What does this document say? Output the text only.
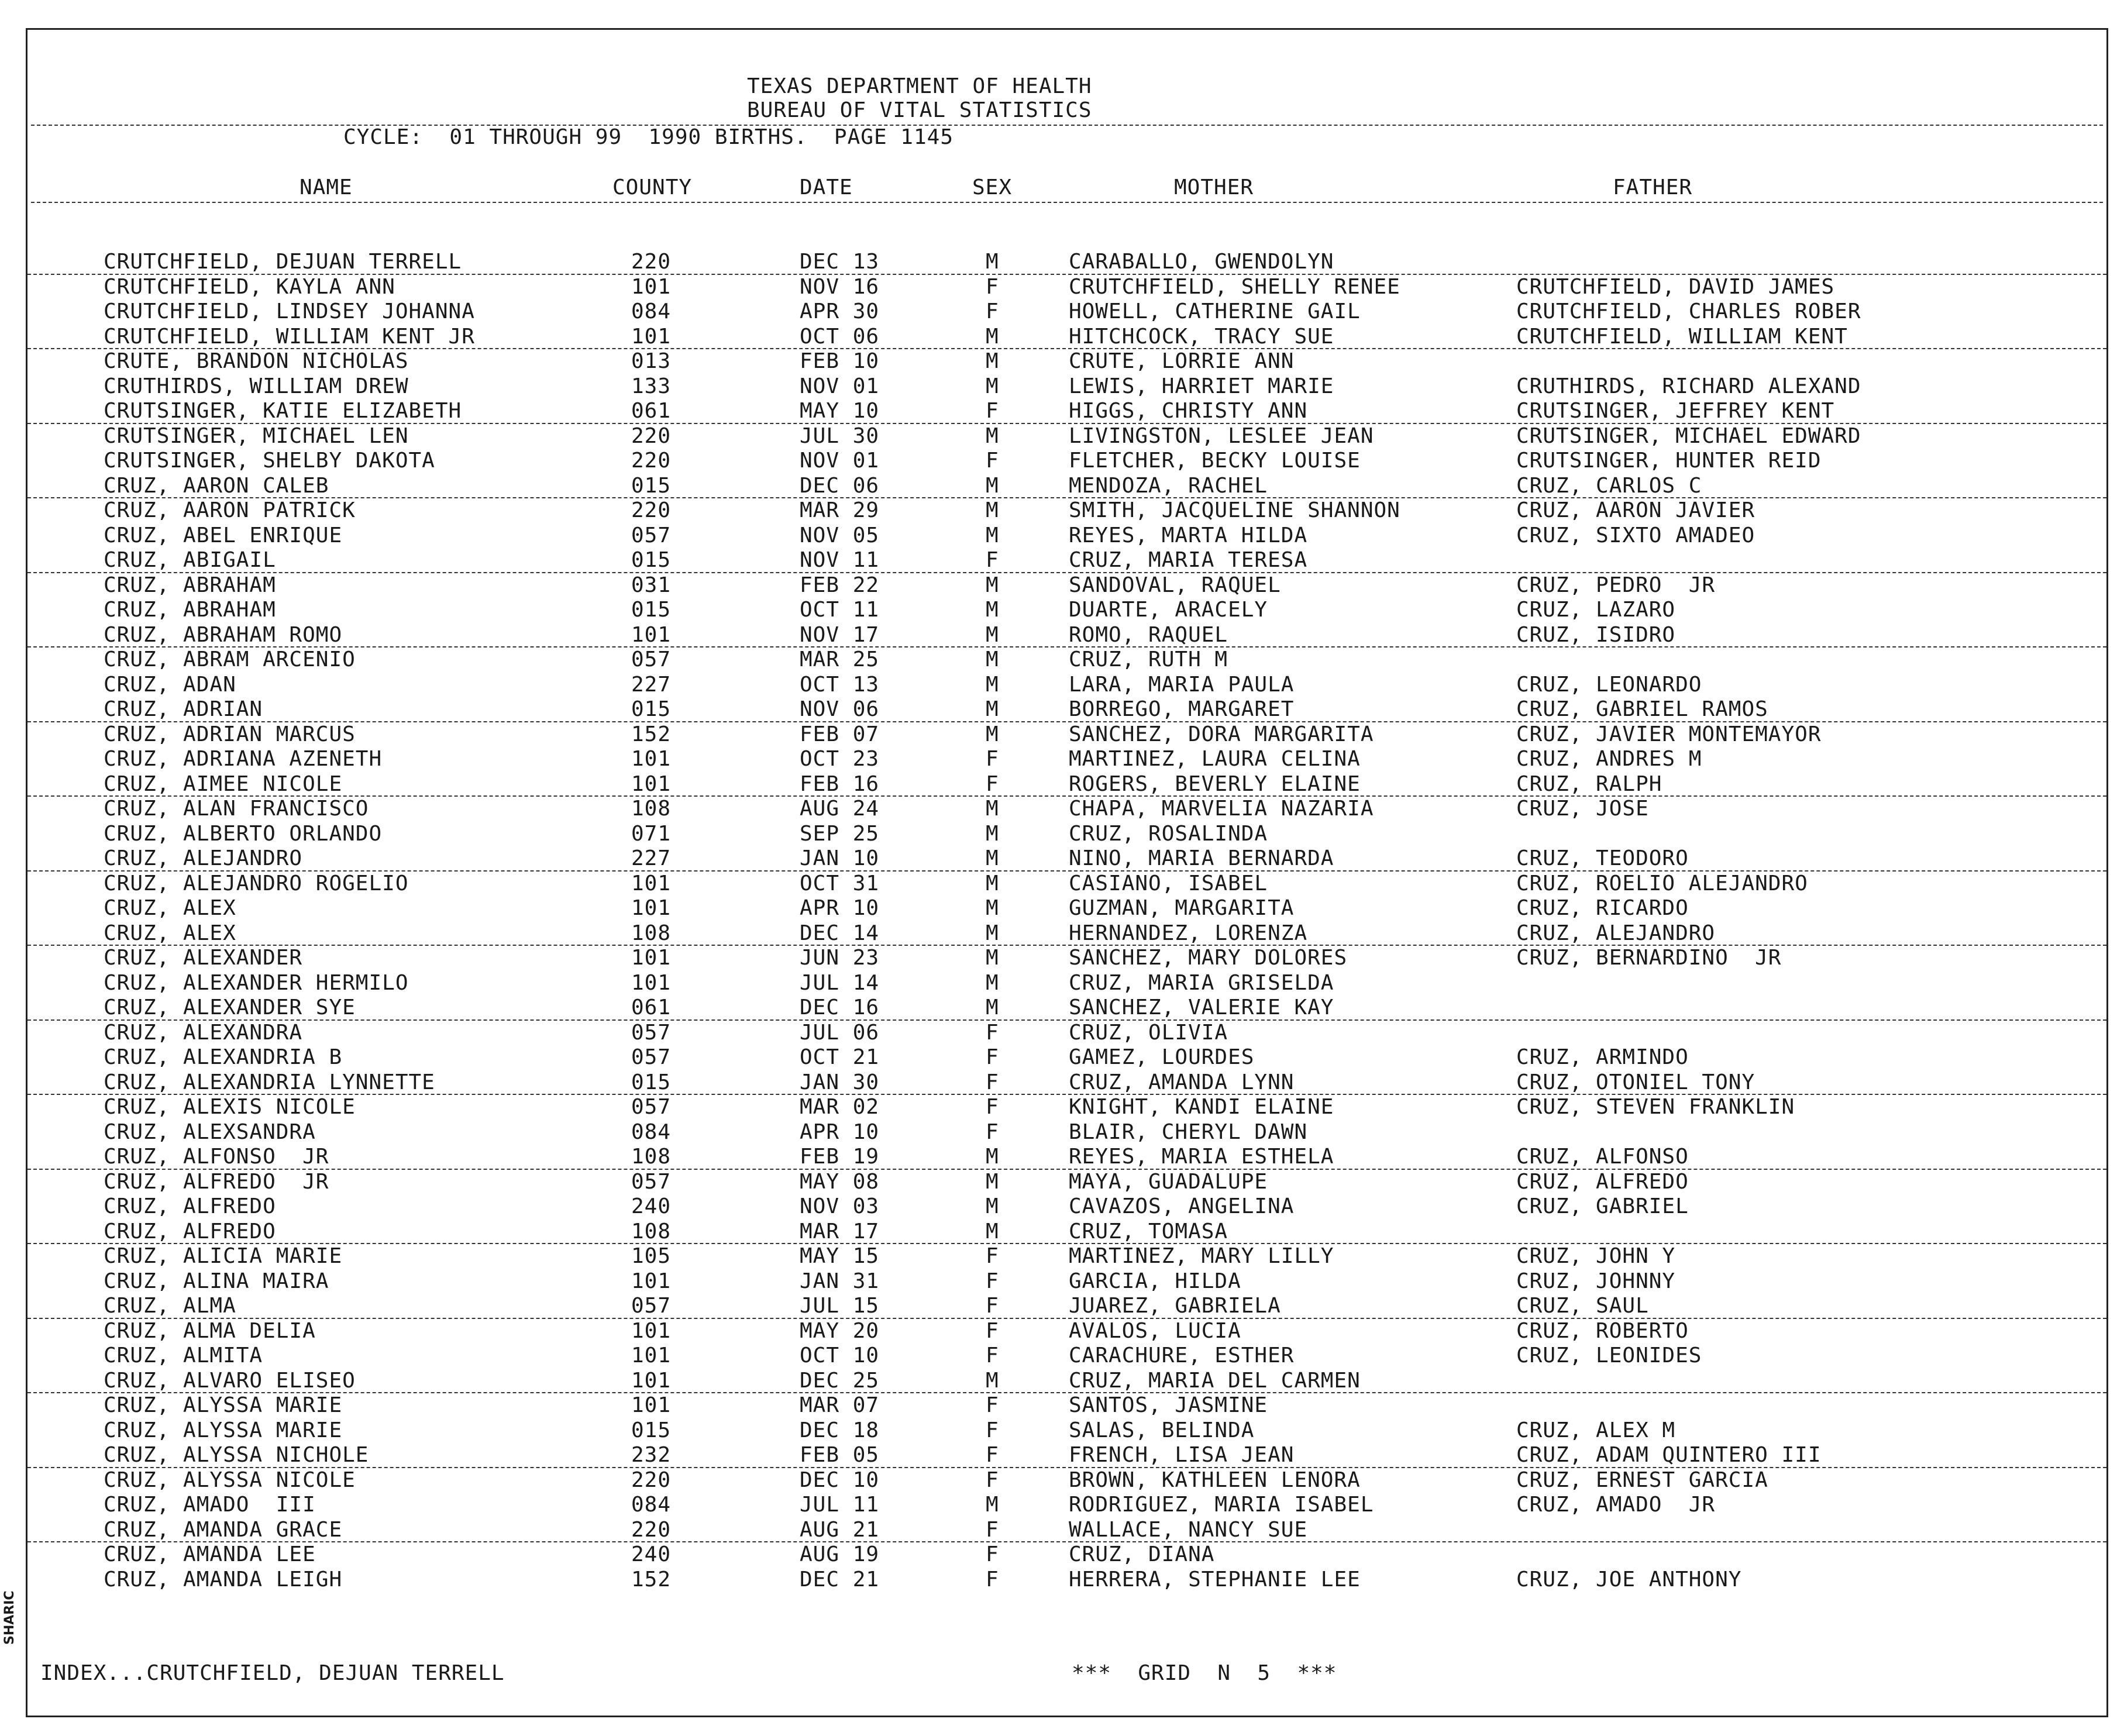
TEXAS DEPARTMENT OF HEALTH
BUREAU OF VITAL STATISTICS
CYCLE:  01 THROUGH 99  1990 BIRTHS.  PAGE 1145
NAME	COUNTY	DATE	SEX	MOTHER	FATHER
CRUTCHFIELD, DEJUAN TERRELL	220	DEC 13	M	CARABALLO, GWENDOLYN
CRUTCHFIELD, KAYLA ANN	101	NOV 16	F	CRUTCHFIELD, SHELLY RENEE	CRUTCHFIELD, DAVID JAMES
CRUTCHFIELD, LINDSEY JOHANNA	084	APR 30	F	HOWELL, CATHERINE GAIL	CRUTCHFIELD, CHARLES ROBER
CRUTCHFIELD, WILLIAM KENT JR	101	OCT 06	M	HITCHCOCK, TRACY SUE	CRUTCHFIELD, WILLIAM KENT
CRUTE, BRANDON NICHOLAS	013	FEB 10	M	CRUTE, LORRIE ANN
CRUTHIRDS, WILLIAM DREW	133	NOV 01	M	LEWIS, HARRIET MARIE	CRUTHIRDS, RICHARD ALEXAND
CRUTSINGER, KATIE ELIZABETH	061	MAY 10	F	HIGGS, CHRISTY ANN	CRUTSINGER, JEFFREY KENT
CRUTSINGER, MICHAEL LEN	220	JUL 30	M	LIVINGSTON, LESLEE JEAN	CRUTSINGER, MICHAEL EDWARD
CRUTSINGER, SHELBY DAKOTA	220	NOV 01	F	FLETCHER, BECKY LOUISE	CRUTSINGER, HUNTER REID
CRUZ, AARON CALEB	015	DEC 06	M	MENDOZA, RACHEL	CRUZ, CARLOS C
CRUZ, AARON PATRICK	220	MAR 29	M	SMITH, JACQUELINE SHANNON	CRUZ, AARON JAVIER
CRUZ, ABEL ENRIQUE	057	NOV 05	M	REYES, MARTA HILDA	CRUZ, SIXTO AMADEO
CRUZ, ABIGAIL	015	NOV 11	F	CRUZ, MARIA TERESA
CRUZ, ABRAHAM	031	FEB 22	M	SANDOVAL, RAQUEL	CRUZ, PEDRO  JR
CRUZ, ABRAHAM	015	OCT 11	M	DUARTE, ARACELY	CRUZ, LAZARO
CRUZ, ABRAHAM ROMO	101	NOV 17	M	ROMO, RAQUEL	CRUZ, ISIDRO
CRUZ, ABRAM ARCENIO	057	MAR 25	M	CRUZ, RUTH M
CRUZ, ADAN	227	OCT 13	M	LARA, MARIA PAULA	CRUZ, LEONARDO
CRUZ, ADRIAN	015	NOV 06	M	BORREGO, MARGARET	CRUZ, GABRIEL RAMOS
CRUZ, ADRIAN MARCUS	152	FEB 07	M	SANCHEZ, DORA MARGARITA	CRUZ, JAVIER MONTEMAYOR
CRUZ, ADRIANA AZENETH	101	OCT 23	F	MARTINEZ, LAURA CELINA	CRUZ, ANDRES M
CRUZ, AIMEE NICOLE	101	FEB 16	F	ROGERS, BEVERLY ELAINE	CRUZ, RALPH
CRUZ, ALAN FRANCISCO	108	AUG 24	M	CHAPA, MARVELIA NAZARIA	CRUZ, JOSE
CRUZ, ALBERTO ORLANDO	071	SEP 25	M	CRUZ, ROSALINDA
CRUZ, ALEJANDRO	227	JAN 10	M	NINO, MARIA BERNARDA	CRUZ, TEODORO
CRUZ, ALEJANDRO ROGELIO	101	OCT 31	M	CASIANO, ISABEL	CRUZ, ROELIO ALEJANDRO
CRUZ, ALEX	101	APR 10	M	GUZMAN, MARGARITA	CRUZ, RICARDO
CRUZ, ALEX	108	DEC 14	M	HERNANDEZ, LORENZA	CRUZ, ALEJANDRO
CRUZ, ALEXANDER	101	JUN 23	M	SANCHEZ, MARY DOLORES	CRUZ, BERNARDINO  JR
CRUZ, ALEXANDER HERMILO	101	JUL 14	M	CRUZ, MARIA GRISELDA
CRUZ, ALEXANDER SYE	061	DEC 16	M	SANCHEZ, VALERIE KAY
CRUZ, ALEXANDRA	057	JUL 06	F	CRUZ, OLIVIA
CRUZ, ALEXANDRIA B	057	OCT 21	F	GAMEZ, LOURDES	CRUZ, ARMINDO
CRUZ, ALEXANDRIA LYNNETTE	015	JAN 30	F	CRUZ, AMANDA LYNN	CRUZ, OTONIEL TONY
CRUZ, ALEXIS NICOLE	057	MAR 02	F	KNIGHT, KANDI ELAINE	CRUZ, STEVEN FRANKLIN
CRUZ, ALEXSANDRA	084	APR 10	F	BLAIR, CHERYL DAWN
CRUZ, ALFONSO  JR	108	FEB 19	M	REYES, MARIA ESTHELA	CRUZ, ALFONSO
CRUZ, ALFREDO  JR	057	MAY 08	M	MAYA, GUADALUPE	CRUZ, ALFREDO
CRUZ, ALFREDO	240	NOV 03	M	CAVAZOS, ANGELINA	CRUZ, GABRIEL
CRUZ, ALFREDO	108	MAR 17	M	CRUZ, TOMASA
CRUZ, ALICIA MARIE	105	MAY 15	F	MARTINEZ, MARY LILLY	CRUZ, JOHN Y
CRUZ, ALINA MAIRA	101	JAN 31	F	GARCIA, HILDA	CRUZ, JOHNNY
CRUZ, ALMA	057	JUL 15	F	JUAREZ, GABRIELA	CRUZ, SAUL
CRUZ, ALMA DELIA	101	MAY 20	F	AVALOS, LUCIA	CRUZ, ROBERTO
CRUZ, ALMITA	101	OCT 10	F	CARACHURE, ESTHER	CRUZ, LEONIDES
CRUZ, ALVARO ELISEO	101	DEC 25	M	CRUZ, MARIA DEL CARMEN
CRUZ, ALYSSA MARIE	101	MAR 07	F	SANTOS, JASMINE
CRUZ, ALYSSA MARIE	015	DEC 18	F	SALAS, BELINDA	CRUZ, ALEX M
CRUZ, ALYSSA NICHOLE	232	FEB 05	F	FRENCH, LISA JEAN	CRUZ, ADAM QUINTERO III
CRUZ, ALYSSA NICOLE	220	DEC 10	F	BROWN, KATHLEEN LENORA	CRUZ, ERNEST GARCIA
CRUZ, AMADO  III	084	JUL 11	M	RODRIGUEZ, MARIA ISABEL	CRUZ, AMADO  JR
CRUZ, AMANDA GRACE	220	AUG 21	F	WALLACE, NANCY SUE
CRUZ, AMANDA LEE	240	AUG 19	F	CRUZ, DIANA
CRUZ, AMANDA LEIGH	152	DEC 21	F	HERRERA, STEPHANIE LEE	CRUZ, JOE ANTHONY
INDEX...CRUTCHFIELD, DEJUAN TERRELL	***  GRID  N  5  ***
SHARIC
